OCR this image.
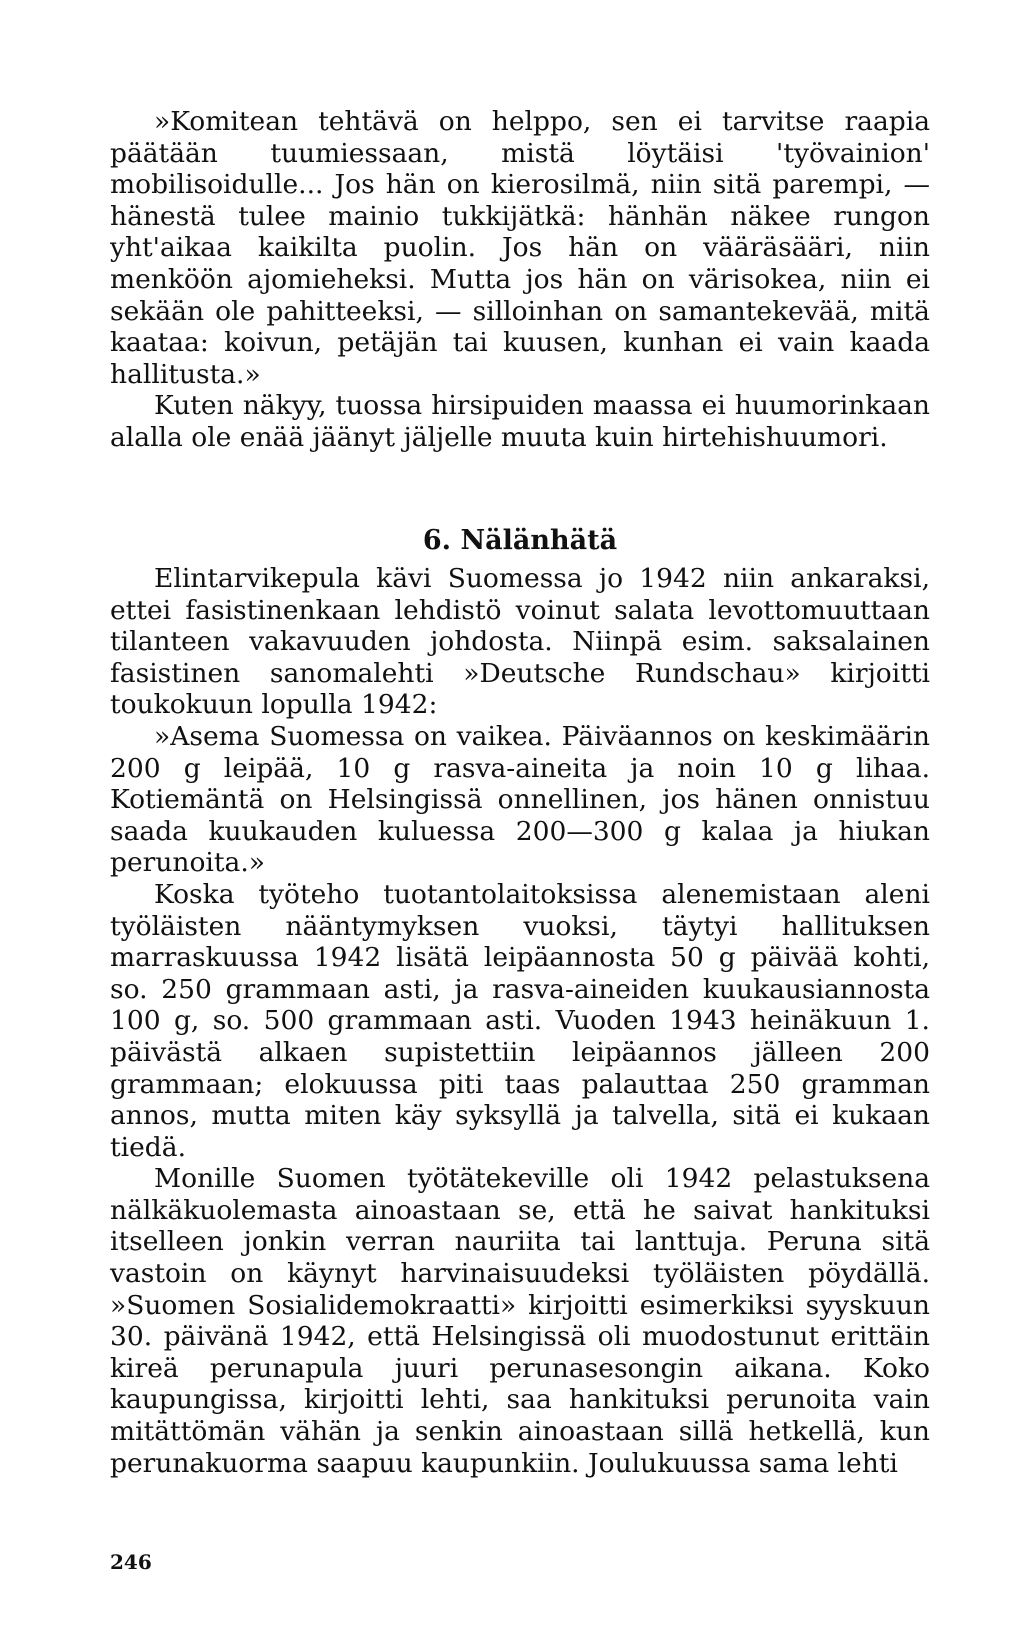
»Komitean tehtävä on helppo, sen ei tarvitse raapia päätään tuumiessaan, mistä löytäisi 'työvainion' mobilisoidulle... Jos hän on kierosilmä, niin sitä parempi, — hänestä tulee mainio tukkijätkä: hänhän näkee rungon yht'aikaa kaikilta puolin. Jos hän on vääräsääri, niin menköön ajomieheksi. Mutta jos hän on värisokea, niin ei sekään ole pahitteeksi, — silloinhan on samantekevää, mitä kaataa: koivun, petäjän tai kuusen, kunhan ei vain kaada hallitusta.»

Kuten näkyy, tuossa hirsipuiden maassa ei huumorinkaan alalla ole enää jäänyt jäljelle muuta kuin hirtehishuumori.

6. Nälänhätä

Elintarvikepula kävi Suomessa jo 1942 niin ankaraksi, ettei fasistinenkaan lehdistö voinut salata levottomuuttaan tilanteen vakavuuden johdosta. Niinpä esim. saksalainen fasistinen sanomalehti »Deutsche Rundschau» kirjoitti toukokuun lopulla 1942:

»Asema Suomessa on vaikea. Päiväannos on keskimäärin 200 g leipää, 10 g rasva-aineita ja noin 10 g lihaa. Kotiemäntä on Helsingissä onnellinen, jos hänen onnistuu saada kuukauden kuluessa 200—300 g kalaa ja hiukan perunoita.»

Koska työteho tuotantolaitoksissa alenemistaan aleni työläisten nääntymyksen vuoksi, täytyi hallituksen marraskuussa 1942 lisätä leipäannosta 50 g päivää kohti, so. 250 grammaan asti, ja rasva-aineiden kuukausiannosta 100 g, so. 500 grammaan asti. Vuoden 1943 heinäkuun 1. päivästä alkaen supistettiin leipäannos jälleen 200 grammaan; elokuussa piti taas palauttaa 250 gramman annos, mutta miten käy syksyllä ja talvella, sitä ei kukaan tiedä.

Monille Suomen työtätekeville oli 1942 pelastuksena nälkäkuolemasta ainoastaan se, että he saivat hankituksi itselleen jonkin verran nauriita tai lanttuja. Peruna sitä vastoin on käynyt harvinaisuudeksi työläisten pöydällä. »Suomen Sosialidemokraatti» kirjoitti esimerkiksi syyskuun 30. päivänä 1942, että Helsingissä oli muodostunut erittäin kireä perunapula juuri perunasesongin aikana. Koko kaupungissa, kirjoitti lehti, saa hankituksi perunoita vain mitättömän vähän ja senkin ainoastaan sillä hetkellä, kun perunakuorma saapuu kaupunkiin. Joulukuussa sama lehti

246
